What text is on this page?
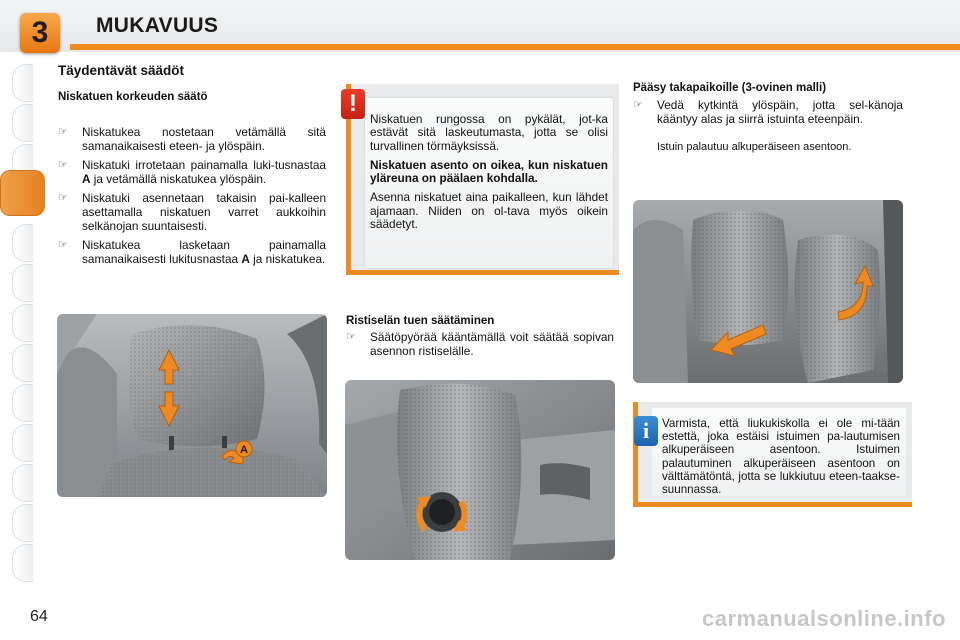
3	MUKAVUUS
Täydentävät säädöt
Niskatuen korkeuden säätö
☞ Niskatukea nostetaan vetämällä sitä samanaikaisesti eteen- ja ylöspäin.
☞ Niskatuki irrotetaan painamalla luki-tusnastaa A ja vetämällä niskatukea ylöspäin.
☞ Niskatuki asennetaan takaisin pai-kalleen asettamalla niskatuen varret aukkoihin selkänojan suuntaisesti.
☞ Niskatukea lasketaan painamalla samanaikaisesti lukitusnastaa A ja niskatukea.
A
!

Niskatuen rungossa on pykälät, jot-ka estävät sitä laskeutumasta, jotta se olisi turvallinen törmäyksissä.

Niskatuen asento on oikea, kun niskatuen yläreuna on päälaen kohdalla.

Asenna niskatuet aina paikalleen, kun lähdet ajamaan. Niiden on ol-tava myös oikein säädetyt.

Ristiselän tuen säätäminen
☞ Säätöpyörää kääntämällä voit säätää sopivan asennon ristiselälle.
Pääsy takapaikoille (3-ovinen malli)
☞ Vedä kytkintä ylöspäin, jotta sel-känoja kääntyy alas ja siirrä istuinta eteenpäin.
Istuin palautuu alkuperäiseen asentoon.
i	Varmista, että liukukiskolla ei ole mi-tään estettä, joka estäisi istuimen pa-lautumisen alkuperäiseen asentoon. Istuimen palautuminen alkuperäiseen asentoon on välttämätöntä, jotta se lukkiutuu eteen-taakse-suunnassa.
64	carmanualsonline.info
